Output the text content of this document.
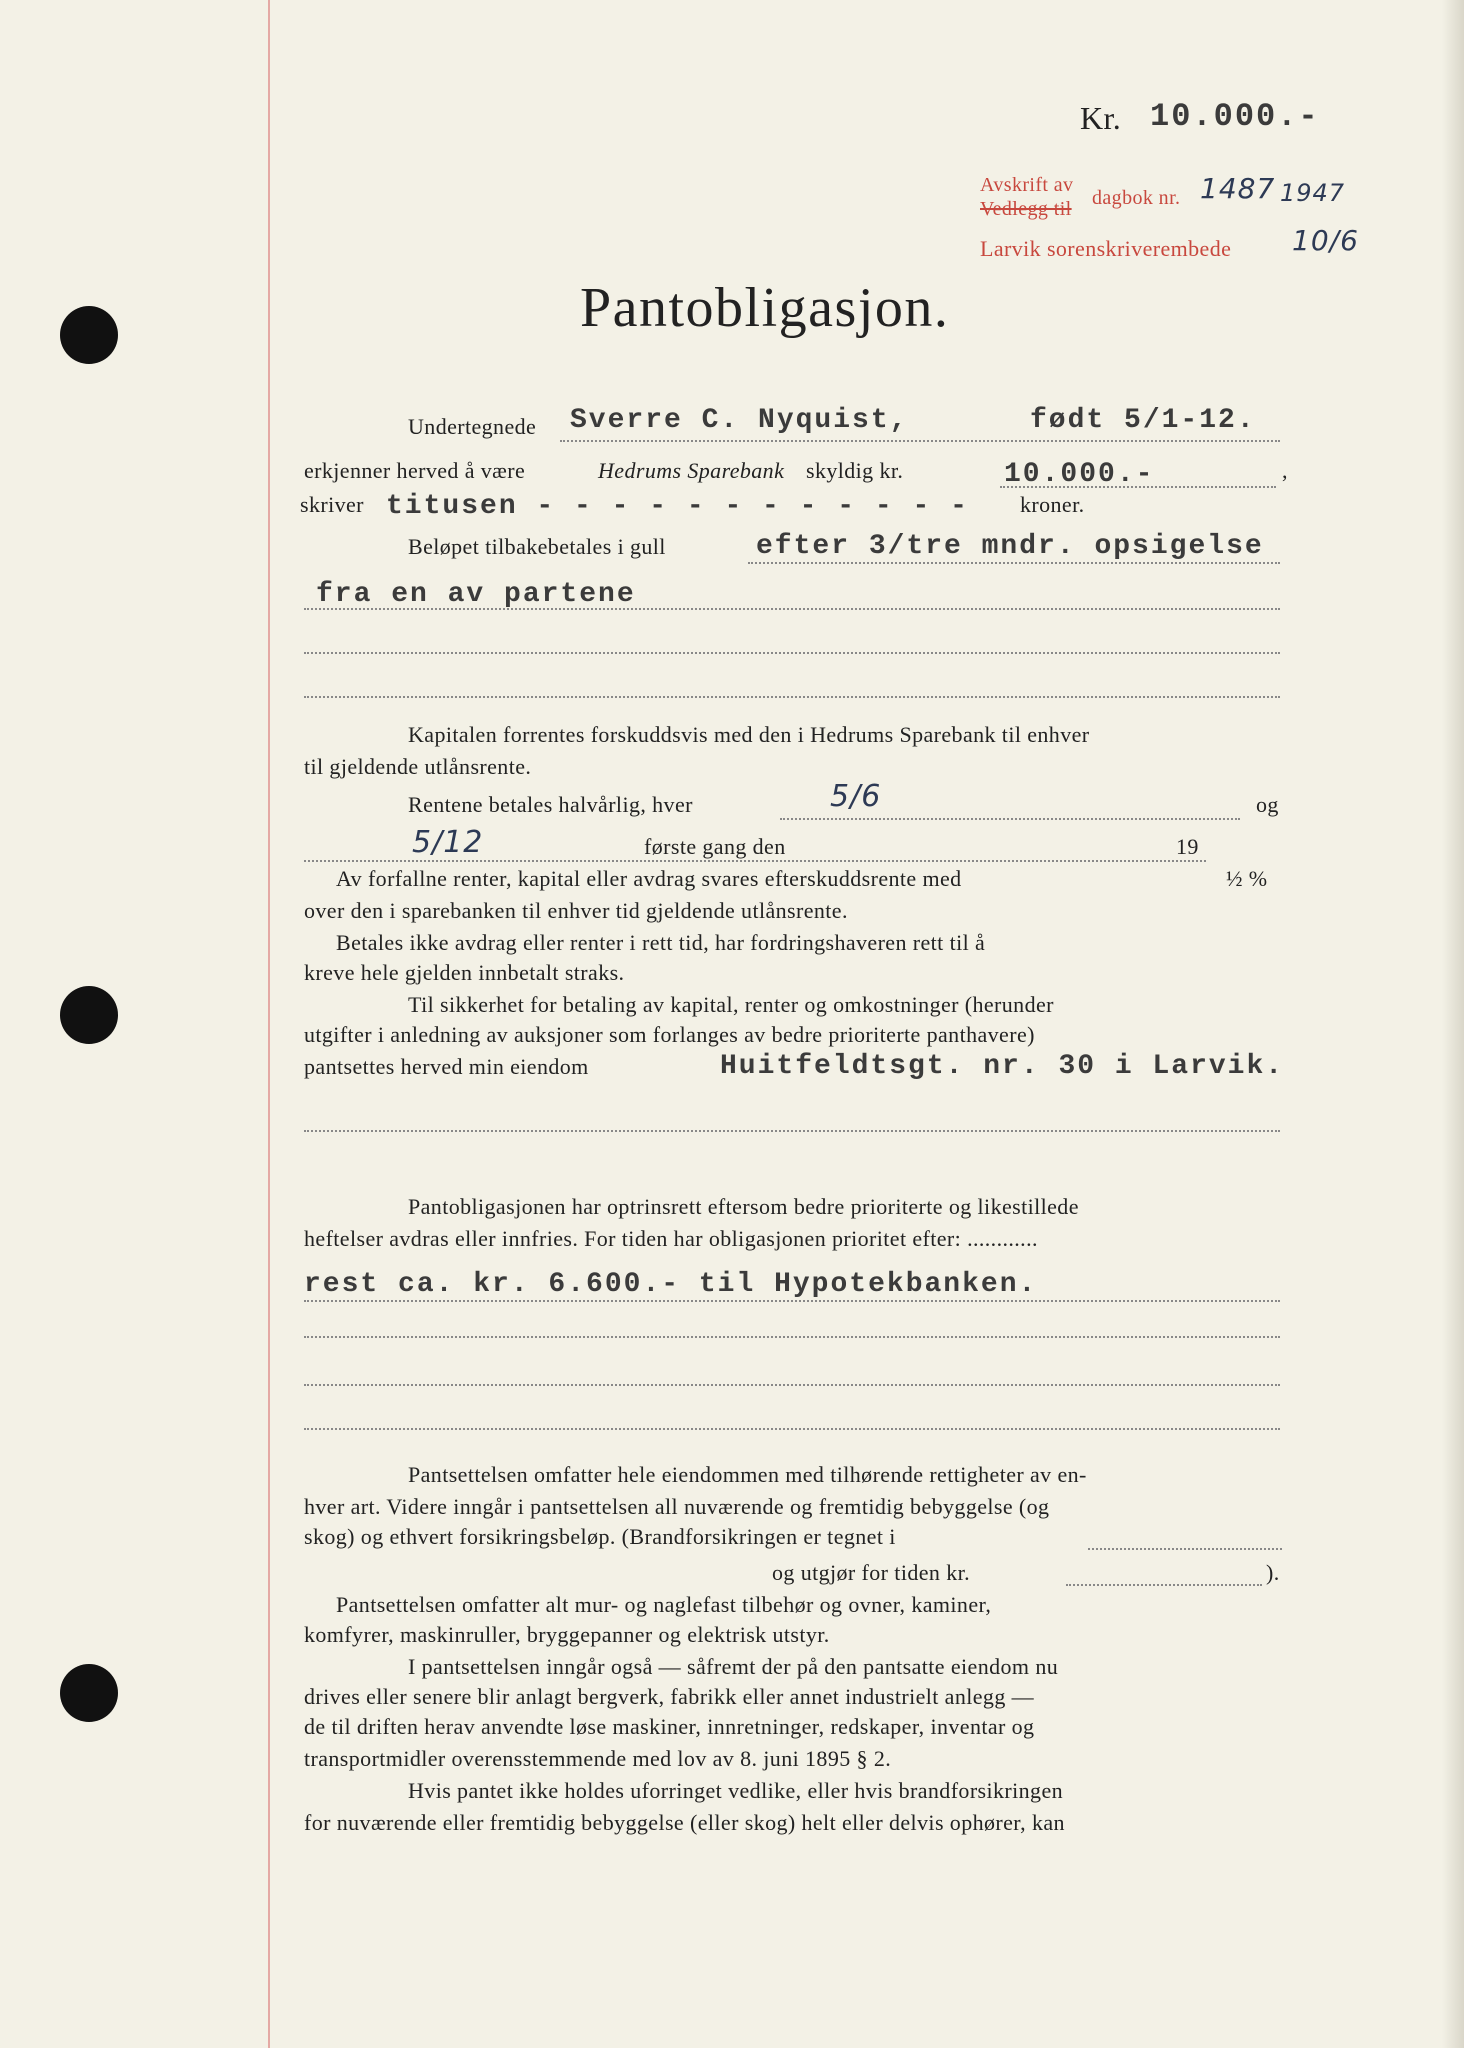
Kr. 10.000.-
Avskrift av
Vedlegg til dagbok nr. 1487 1947
Larvik sorenskriverembede 10/6
Pantobligasjon.
Undertegnede Sverre C. Nyquist,	født 5/1-12.
erkjenner herved å være	Hedrums Sparebank skyldig kr.	10.000.-	,
skriver titusen - - - - - - - - - - - - kroner.
Beløpet tilbakebetales i gull	efter 3/tre mndr. opsigelse
fra en av partene
Kapitalen forrentes forskuddsvis med den i Hedrums Sparebank til enhver
til gjeldende utlånsrente.
Rentene betales halvårlig, hver	5/6	og
5/12	første gang den	19
Av forfallne renter, kapital eller avdrag svares efterskuddsrente med	½ %
over den i sparebanken til enhver tid gjeldende utlånsrente.
Betales ikke avdrag eller renter i rett tid, har fordringshaveren rett til å
kreve hele gjelden innbetalt straks.
Til sikkerhet for betaling av kapital, renter og omkostninger (herunder
utgifter i anledning av auksjoner som forlanges av bedre prioriterte panthavere)
pantsettes herved min eiendom	Huitfeldtsgt. nr. 30 i Larvik.
Pantobligasjonen har optrinsrett eftersom bedre prioriterte og likestillede
heftelser avdras eller innfries. For tiden har obligasjonen prioritet efter: ............
rest ca. kr. 6.600.- til Hypotekbanken.
Pantsettelsen omfatter hele eiendommen med tilhørende rettigheter av en-
hver art. Videre inngår i pantsettelsen all nuværende og fremtidig bebyggelse (og
skog) og ethvert forsikringsbeløp. (Brandforsikringen er tegnet i
og utgjør for tiden kr.	).
Pantsettelsen omfatter alt mur- og naglefast tilbehør og ovner, kaminer,
komfyrer, maskinruller, bryggepanner og elektrisk utstyr.
I pantsettelsen inngår også — såfremt der på den pantsatte eiendom nu
drives eller senere blir anlagt bergverk, fabrikk eller annet industrielt anlegg —
de til driften herav anvendte løse maskiner, innretninger, redskaper, inventar og
transportmidler overensstemmende med lov av 8. juni 1895 § 2.
Hvis pantet ikke holdes uforringet vedlike, eller hvis brandforsikringen
for nuværende eller fremtidig bebyggelse (eller skog) helt eller delvis ophører, kan
